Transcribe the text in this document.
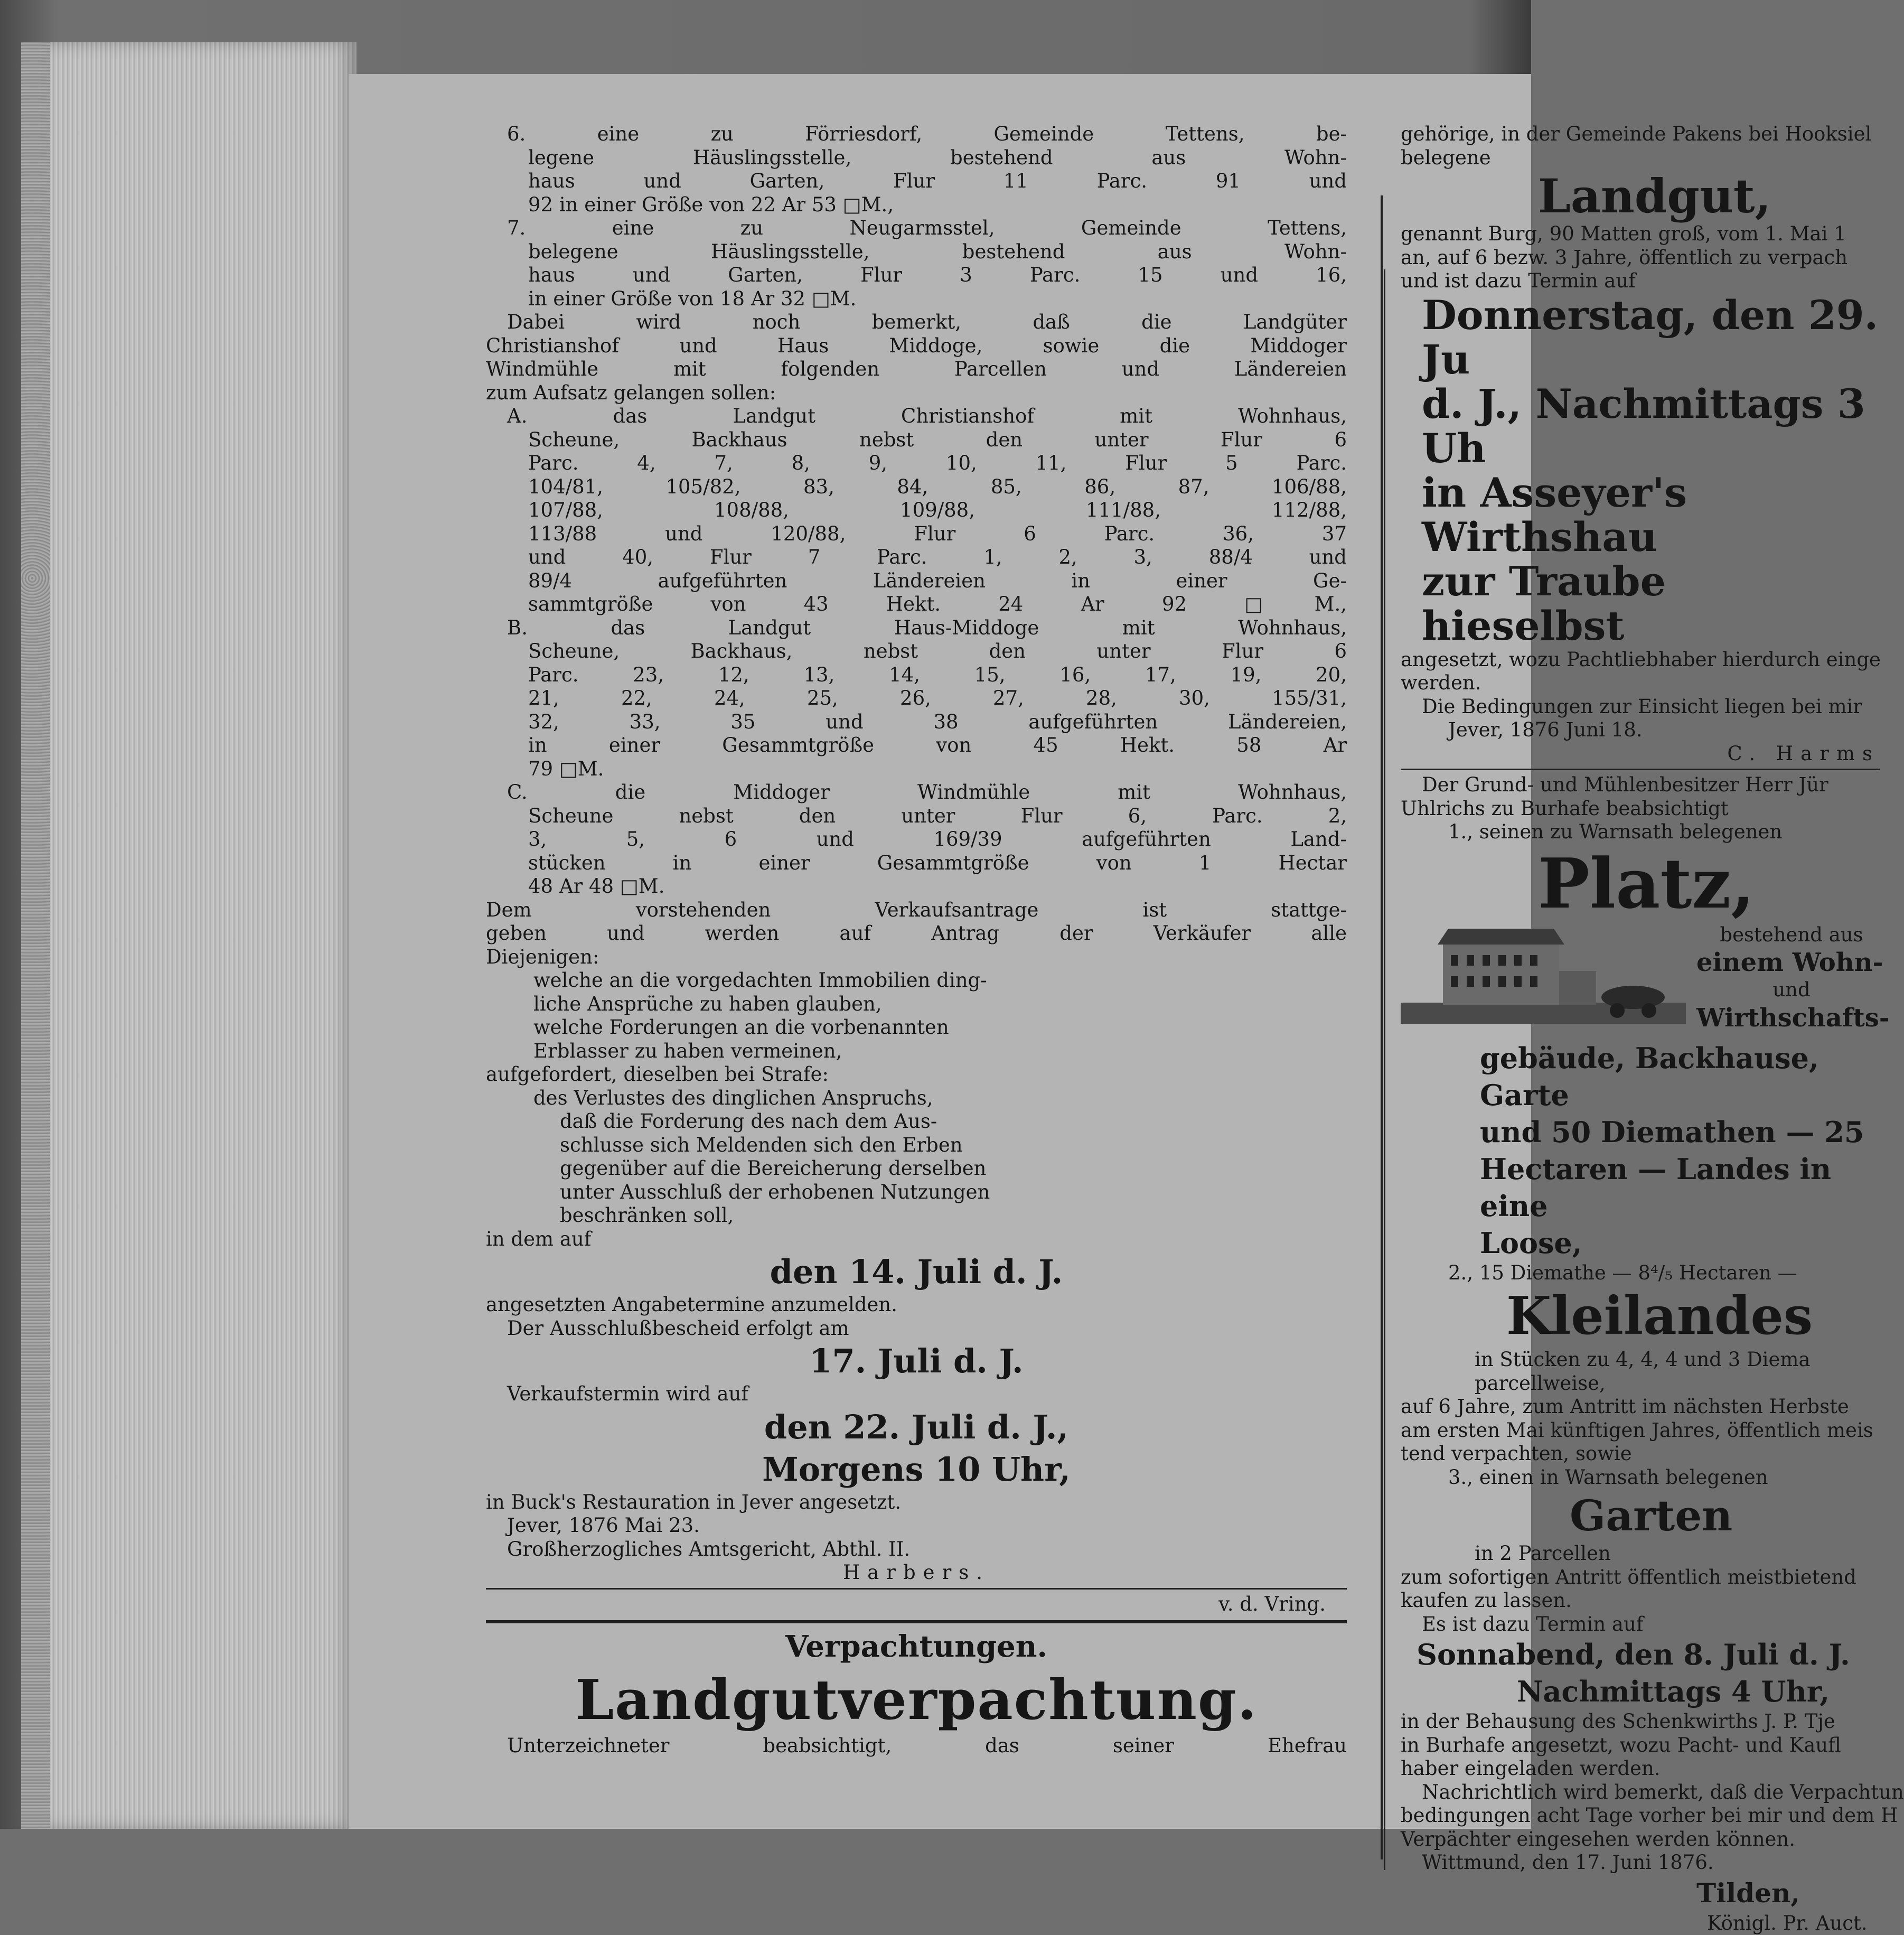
6. eine zu Förriesdorf, Gemeinde Tettens, be-
legene Häuslingsstelle, bestehend aus Wohn-
haus und Garten, Flur 11 Parc. 91 und
92 in einer Größe von 22 Ar 53 □M.,
7. eine zu Neugarmsstel, Gemeinde Tettens,
belegene Häuslingsstelle, bestehend aus Wohn-
haus und Garten, Flur 3 Parc. 15 und 16,
in einer Größe von 18 Ar 32 □M.
Dabei wird noch bemerkt, daß die Landgüter
Christianshof und Haus Middoge, sowie die Middoger
Windmühle mit folgenden Parcellen und Ländereien
zum Aufsatz gelangen sollen:
A. das Landgut Christianshof mit Wohnhaus,
Scheune, Backhaus nebst den unter Flur 6
Parc. 4, 7, 8, 9, 10, 11, Flur 5 Parc.
104/81, 105/82, 83, 84, 85, 86, 87, 106/88,
107/88, 108/88, 109/88, 111/88, 112/88,
113/88 und 120/88, Flur 6 Parc. 36, 37
und 40, Flur 7 Parc. 1, 2, 3, 88/4 und
89/4 aufgeführten Ländereien in einer Ge-
sammtgröße von 43 Hekt. 24 Ar 92 □M.,
B. das Landgut Haus-Middoge mit Wohnhaus,
Scheune, Backhaus, nebst den unter Flur 6
Parc. 23, 12, 13, 14, 15, 16, 17, 19, 20,
21, 22, 24, 25, 26, 27, 28, 30, 155/31,
32, 33, 35 und 38 aufgeführten Ländereien,
in einer Gesammtgröße von 45 Hekt. 58 Ar
79 □M.
C. die Middoger Windmühle mit Wohnhaus,
Scheune nebst den unter Flur 6, Parc. 2,
3, 5, 6 und 169/39 aufgeführten Land-
stücken in einer Gesammtgröße von 1 Hectar
48 Ar 48 □M.
Dem vorstehenden Verkaufsantrage ist stattge-
geben und werden auf Antrag der Verkäufer alle
Diejenigen:
welche an die vorgedachten Immobilien ding-
liche Ansprüche zu haben glauben,
welche Forderungen an die vorbenannten
Erblasser zu haben vermeinen,
aufgefordert, dieselben bei Strafe:
des Verlustes des dinglichen Anspruchs,
daß die Forderung des nach dem Aus-
schlusse sich Meldenden sich den Erben
gegenüber auf die Bereicherung derselben
unter Ausschluß der erhobenen Nutzungen
beschränken soll,
in dem auf
den 14. Juli d. J.
angesetzten Angabetermine anzumelden.
Der Ausschlußbescheid erfolgt am
17. Juli d. J.
Verkaufstermin wird auf
den 22. Juli d. J.,
Morgens 10 Uhr,
in Buck's Restauration in Jever angesetzt.
Jever, 1876 Mai 23.
Großherzogliches Amtsgericht, Abthl. II.
Harbers.
v. d. Vring.
Verpachtungen.
Landgutverpachtung.
Unterzeichneter beabsichtigt, das seiner Ehefrau
gehörige, in der Gemeinde Pakens bei Hooksiel
belegene
Landgut,
genannt Burg, 90 Matten groß, vom 1. Mai 1
an, auf 6 bezw. 3 Jahre, öffentlich zu verpach
und ist dazu Termin auf
Donnerstag, den 29. Ju
d. J., Nachmittags 3 Uh
in Asseyer's Wirthshau
zur Traube hieselbst
angesetzt, wozu Pachtliebhaber hierdurch einge
werden.
Die Bedingungen zur Einsicht liegen bei mir
Jever, 1876 Juni 18.
C. Harms
Der Grund- und Mühlenbesitzer Herr Jür
Uhlrichs zu Burhafe beabsichtigt
1., seinen zu Warnsath belegenen
Platz,
bestehend aus
einem Wohn-
und
Wirthschafts-
gebäude, Backhause, Garte
und 50 Diemathen — 25
Hectaren — Landes in eine
Loose,
2., 15 Diemathe — 8⁴/₅ Hectaren —
Kleilandes
in Stücken zu 4, 4, 4 und 3 Diema
parcellweise,
auf 6 Jahre, zum Antritt im nächsten Herbste
am ersten Mai künftigen Jahres, öffentlich meis
tend verpachten, sowie
3., einen in Warnsath belegenen
Garten
in 2 Parcellen
zum sofortigen Antritt öffentlich meistbietend
kaufen zu lassen.
Es ist dazu Termin auf
Sonnabend, den 8. Juli d. J.
Nachmittags 4 Uhr,
in der Behausung des Schenkwirths J. P. Tje
in Burhafe angesetzt, wozu Pacht- und Kaufl
haber eingeladen werden.
Nachrichtlich wird bemerkt, daß die Verpachtun
bedingungen acht Tage vorher bei mir und dem H
Verpächter eingesehen werden können.
Wittmund, den 17. Juni 1876.
Tilden,
Königl. Pr. Auct.
